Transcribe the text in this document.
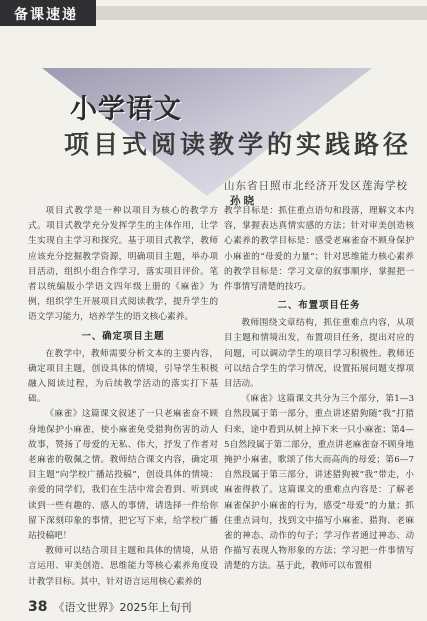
备课速递
小学语文
项目式阅读教学的实践路径
山东省日照市北经济开发区莲海学校孙晓

项目式教学是一种以项目为核心的教学方式。项目式教学充分发挥学生的主体作用，让学生实现自主学习和探究。基于项目式教学，教师应该充分挖掘教学资源，明确项目主题，举办项目活动，组织小组合作学习，落实项目评价。笔者以统编版小学语文四年级上册的《麻雀》为例，组织学生开展项目式阅读教学，提升学生的语文学习能力，培养学生的语文核心素养。

一、确定项目主题

在教学中，教师需要分析文本的主要内容，确定项目主题，创设具体的情境，引导学生积极融入阅读过程，为后续教学活动的落实打下基础。

《麻雀》这篇课文叙述了一只老麻雀奋不顾身地保护小麻雀，使小麻雀免受猎狗伤害的动人故事，赞扬了母爱的无私、伟大，抒发了作者对老麻雀的敬佩之情。教师结合课文内容，确定项目主题“向学校广播站投稿”，创设具体的情境：亲爱的同学们，我们在生活中常会看到、听到或读到一些有趣的、感人的事情，请选择一件给你留下深刻印象的事情，把它写下来，给学校广播站投稿吧！

教师可以结合项目主题和具体的情境，从语言运用、审美创造、思维能力等核心素养角度设计教学目标。其中，针对语言运用核心素养的

教学目标是：抓住重点语句和段落，理解文本内容，掌握表达真情实感的方法；针对审美创造核心素养的教学目标是：感受老麻雀奋不顾身保护小麻雀的“母爱的力量”；针对思维能力核心素养的教学目标是：学习文章的叙事顺序，掌握把一件事情写清楚的技巧。

二、布置项目任务

教师围绕文章结构，抓住重难点内容，从项目主题和情境出发，布置项目任务，提出对应的问题，可以调动学生的项目学习积极性。教师还可以结合学生的学习情况，设置拓展问题支撑项目活动。

《麻雀》这篇课文共分为三个部分，第1—3自然段属于第一部分，重点讲述猎狗随“我”打猎归来，途中看到从树上掉下来一只小麻雀；第4—5自然段属于第二部分，重点讲老麻雀奋不顾身地掩护小麻雀，歌颂了伟大而高尚的母爱；第6—7自然段属于第三部分，讲述猎狗被“我”带走，小麻雀得救了。这篇课文的重难点内容是：了解老麻雀保护小麻雀的行为，感受“母爱”的力量；抓住重点词句，找到文中描写小麻雀、猎狗、老麻雀的神态、动作的句子；学习作者通过神态、动作描写表现人物形象的方法；学习把一件事情写清楚的方法。基于此，教师可以布置相

38 《语文世界》2025年上旬刊
